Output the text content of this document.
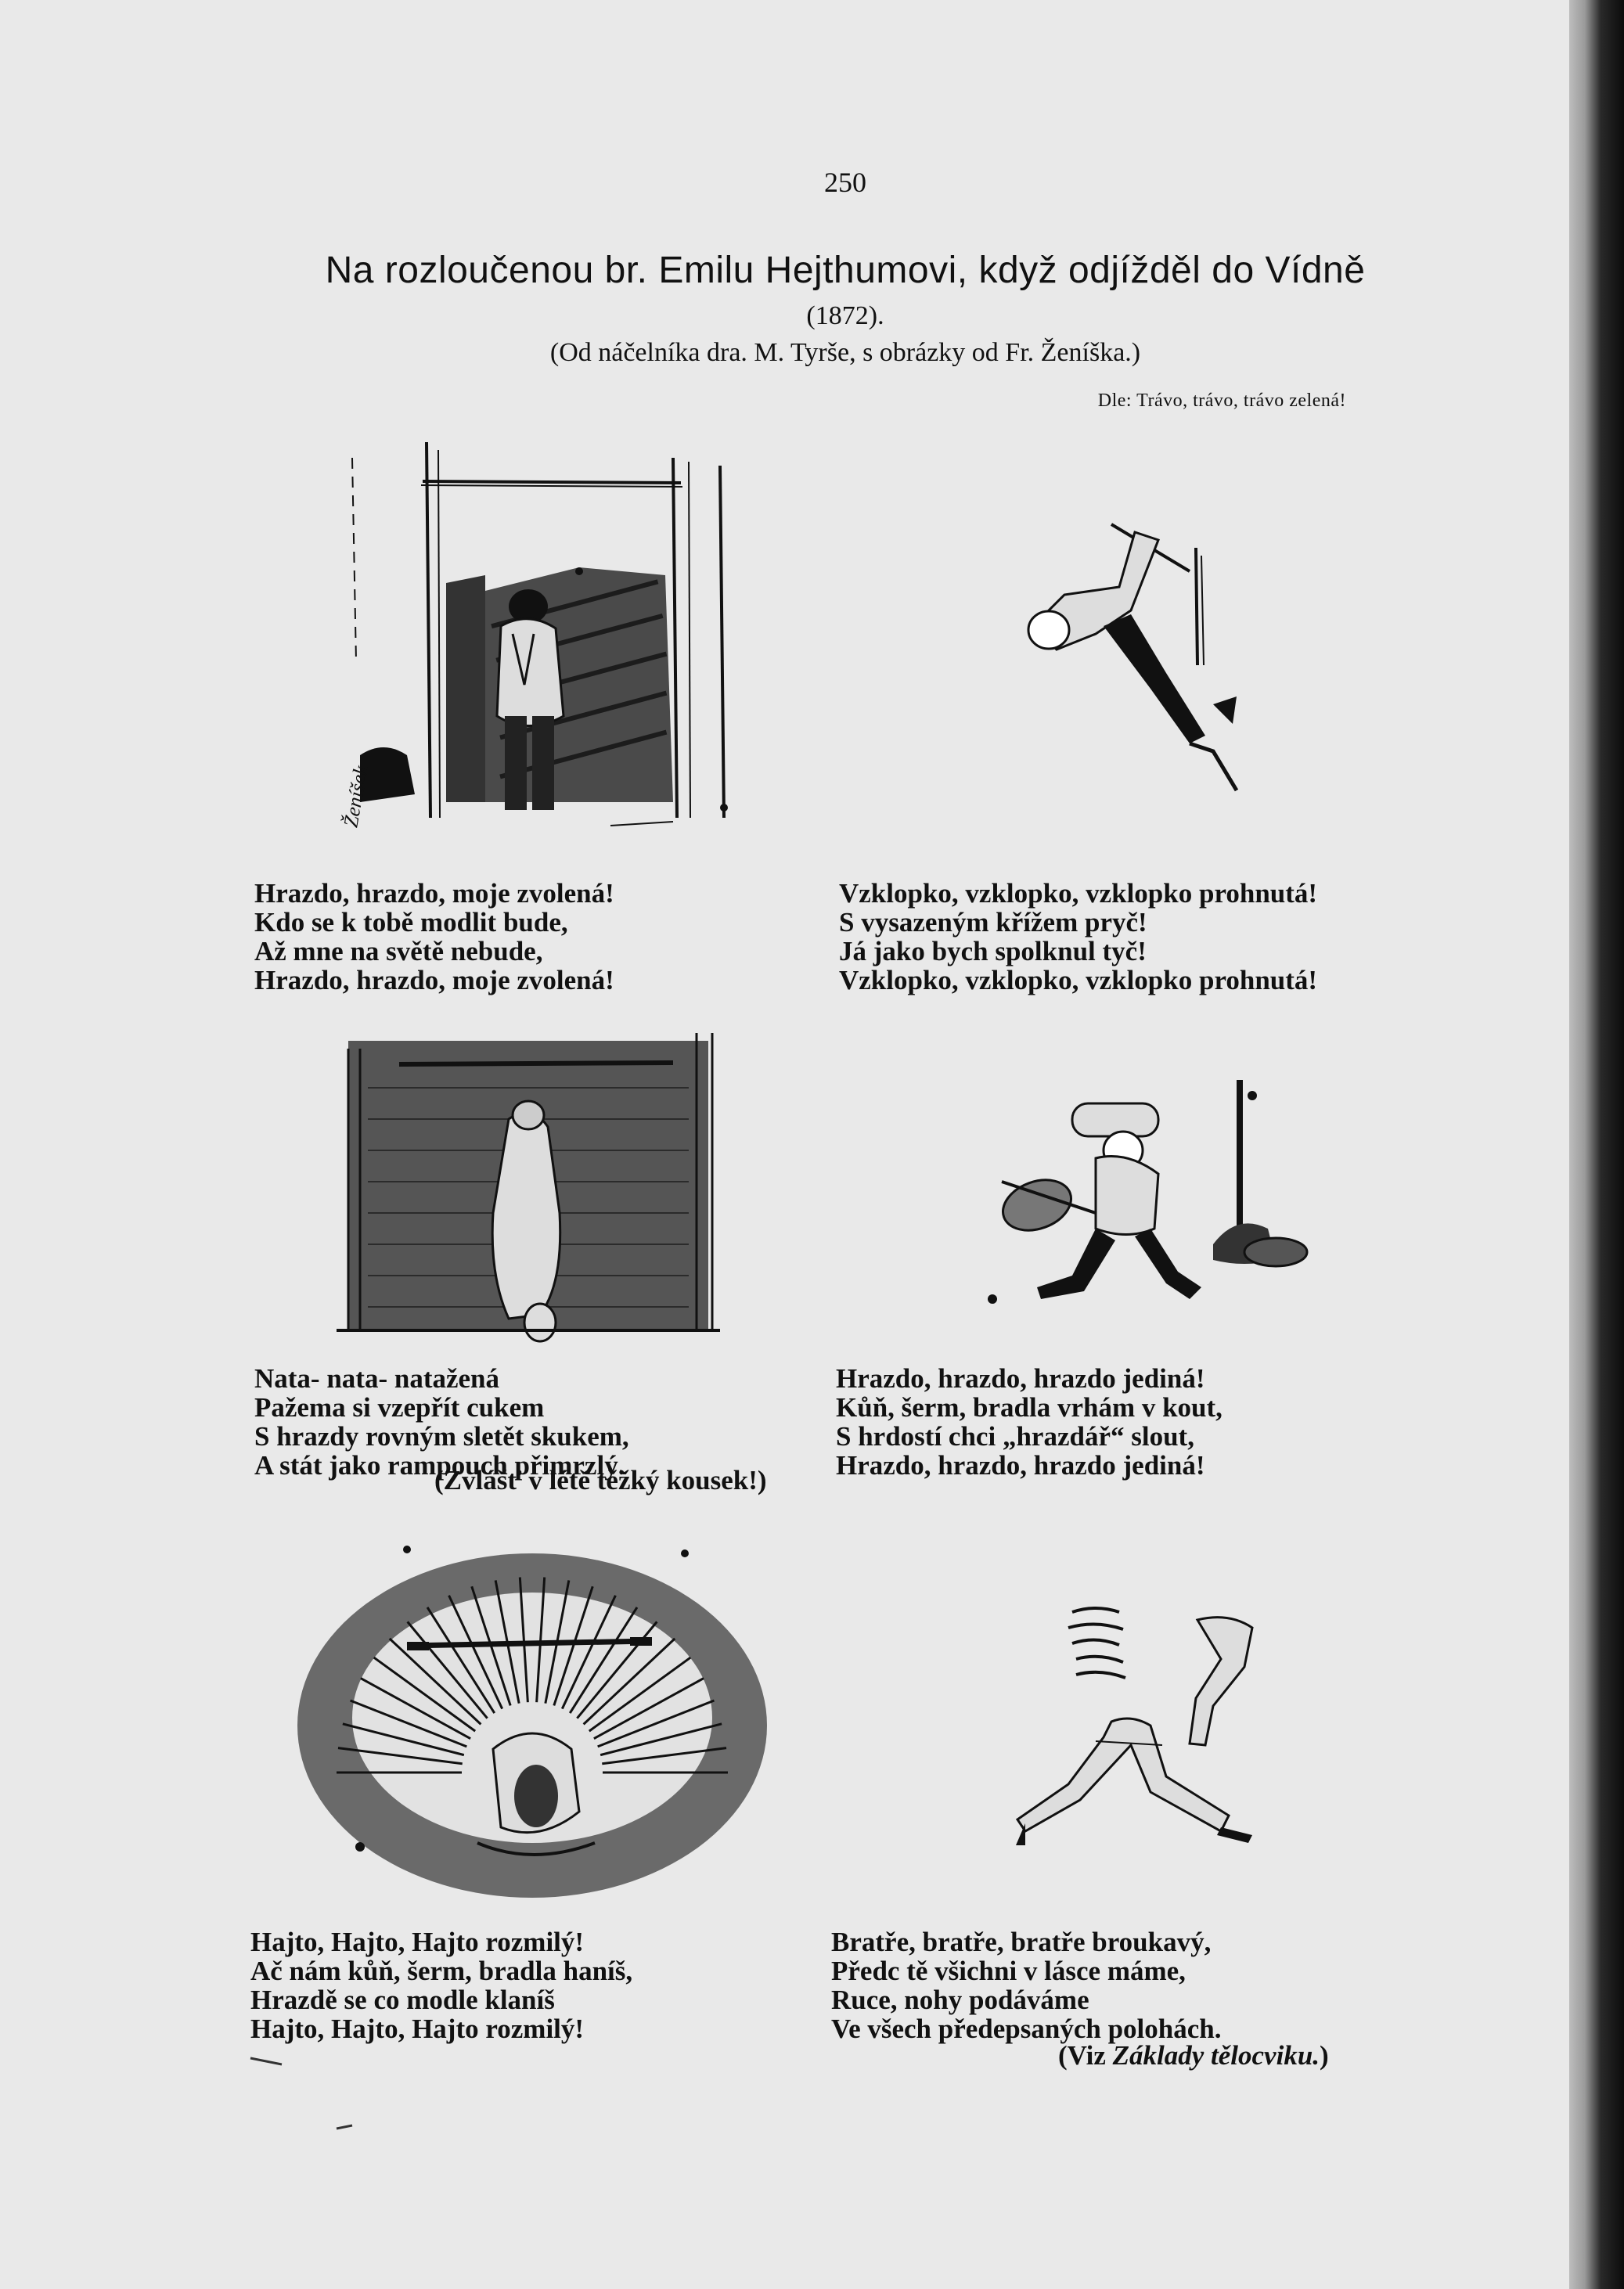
250
Na rozloučenou br. Emilu Hejthumovi, když odjížděl do Vídně
(1872).
(Od náčelníka dra. M. Tyrše, s obrázky od Fr. Ženíška.)
Dle: Trávo, trávo, trávo zelená!
Ženíšek
Hrazdo, hrazdo, moje zvolená!
Kdo se k tobě modlit bude,
Až mne na světě nebude,
Hrazdo, hrazdo, moje zvolená!
Vzklopko, vzklopko, vzklopko prohnutá!
S vysazeným křížem pryč!
Já jako bych spolknul tyč!
Vzklopko, vzklopko, vzklopko prohnutá!
Nata- nata- natažená
Pažema si vzepřít cukem
S hrazdy rovným sletět skukem,
A stát jako rampouch přimrzlý.
(Zvlášť v létě těžký kousek!)
Hrazdo, hrazdo, hrazdo jediná!
Kůň, šerm, bradla vrhám v kout,
S hrdostí chci „hrazdář“ slout,
Hrazdo, hrazdo, hrazdo jediná!
Hajto, Hajto, Hajto rozmilý!
Ač nám kůň, šerm, bradla haníš,
Hrazdě se co modle klaníš
Hajto, Hajto, Hajto rozmilý!
Bratře, bratře, bratře broukavý,
Předc tě všichni v lásce máme,
Ruce, nohy podáváme
Ve všech předepsaných polohách.
(Viz Základy tělocviku.)
